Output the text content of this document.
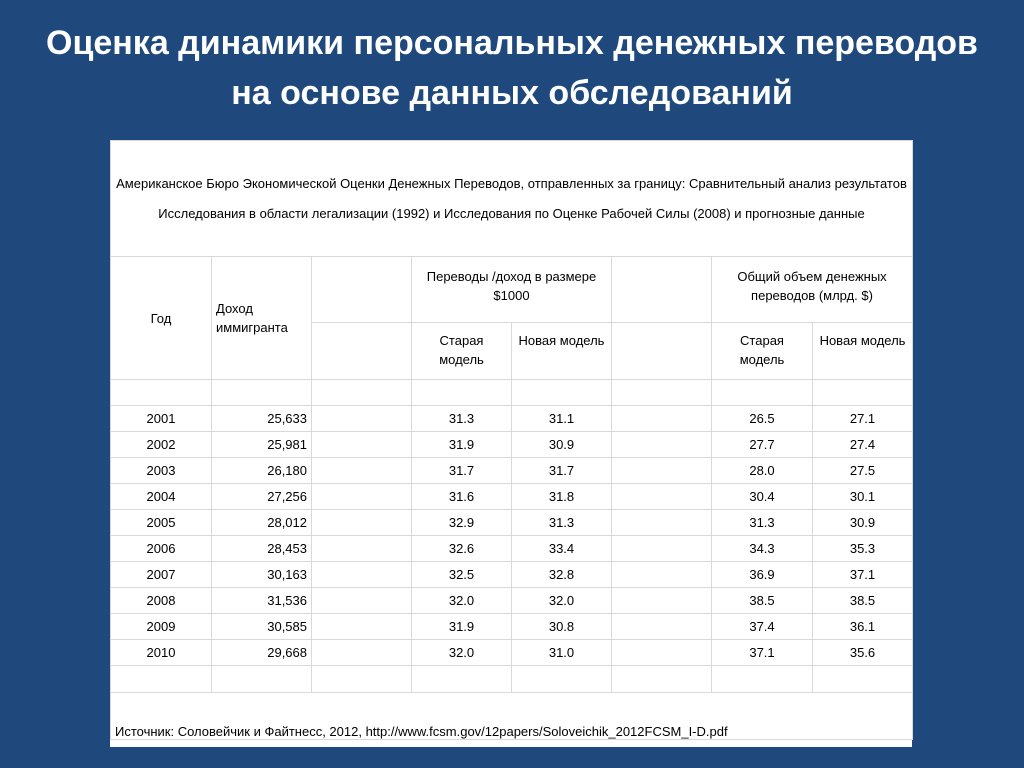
Оценка динамики персональных денежных переводов на основе данных обследований
Американское Бюро Экономической Оценки Денежных Переводов, отправленных за границу: Сравнительный анализ результатов Исследования в области легализации (1992) и Исследования по Оценке Рабочей Силы (2008) и прогнозные данные							
Год	Доход иммигранта		Переводы /доход в размере $1000			Общий объем денежных переводов (млрд. $)	
			Старая модель	Новая модель		Старая модель	Новая модель

2001	25,633		31.3	31.1		26.5	27.1
2002	25,981		31.9	30.9		27.7	27.4
2003	26,180		31.7	31.7		28.0	27.5
2004	27,256		31.6	31.8		30.4	30.1
2005	28,012		32.9	31.3		31.3	30.9
2006	28,453		32.6	33.4		34.3	35.3
2007	30,163		32.5	32.8		36.9	37.1
2008	31,536		32.0	32.0		38.5	38.5
2009	30,585		31.9	30.8		37.4	36.1
2010	29,668		32.0	31.0		37.1	35.6

Источник: Соловейчик и Файтнесс, 2012, http://www.fcsm.gov/12papers/Soloveichik_2012FCSM_I-D.pdf							
